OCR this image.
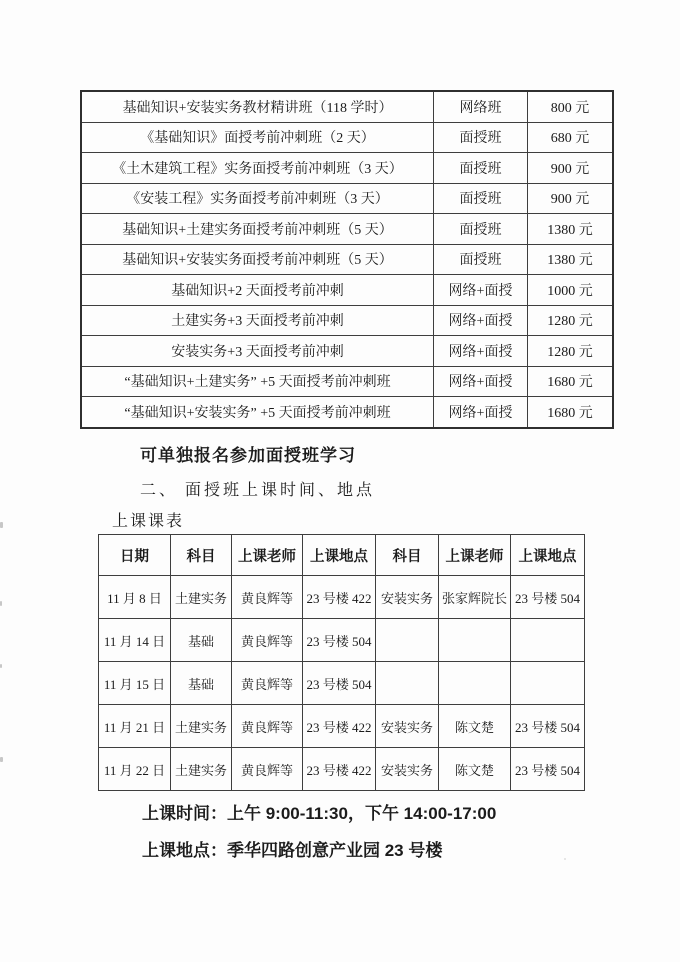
基础知识+安装实务教材精讲班（118 学时）	网络班	800 元
《基础知识》面授考前冲刺班（2 天）	面授班	680 元
《土木建筑工程》实务面授考前冲刺班（3 天）	面授班	900 元
《安装工程》实务面授考前冲刺班（3 天）	面授班	900 元
基础知识+土建实务面授考前冲刺班（5 天）	面授班	1380 元
基础知识+安装实务面授考前冲刺班（5 天）	面授班	1380 元
基础知识+2 天面授考前冲刺	网络+面授	1000 元
土建实务+3 天面授考前冲刺	网络+面授	1280 元
安装实务+3 天面授考前冲刺	网络+面授	1280 元
“基础知识+土建实务” +5 天面授考前冲刺班	网络+面授	1680 元
“基础知识+安装实务” +5 天面授考前冲刺班	网络+面授	1680 元
可单独报名参加面授班学习
二、 面授班上课时间、地点
上课课表
日期	科目	上课老师	上课地点	科目	上课老师	上课地点
11 月 8 日	土建实务	黄良辉等	23 号楼 422	安装实务	张家辉院长	23 号楼 504
11 月 14 日	基础	黄良辉等	23 号楼 504			
11 月 15 日	基础	黄良辉等	23 号楼 504			
11 月 21 日	土建实务	黄良辉等	23 号楼 422	安装实务	陈文楚	23 号楼 504
11 月 22 日	土建实务	黄良辉等	23 号楼 422	安装实务	陈文楚	23 号楼 504
上课时间：上午 9:00-11:30，下午 14:00-17:00
上课地点：季华四路创意产业园 23 号楼
